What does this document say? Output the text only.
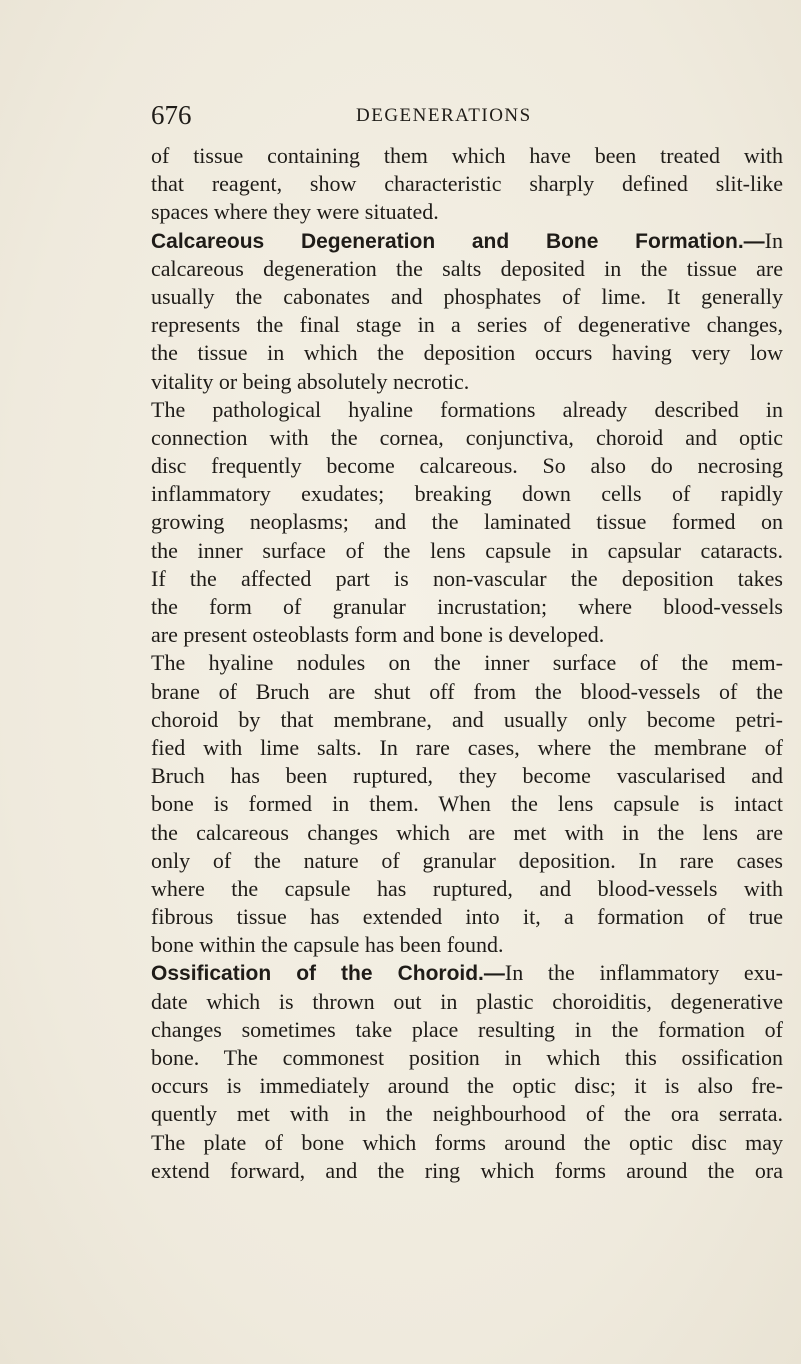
676	DEGENERATIONS
of tissue containing them which have been treated with
that reagent, show characteristic sharply defined slit-like
spaces where they were situated.
Calcareous Degeneration and Bone Formation.—In
calcareous degeneration the salts deposited in the tissue are
usually the cabonates and phosphates of lime. It generally
represents the final stage in a series of degenerative changes,
the tissue in which the deposition occurs having very low
vitality or being absolutely necrotic.
The pathological hyaline formations already described in
connection with the cornea, conjunctiva, choroid and optic
disc frequently become calcareous. So also do necrosing
inflammatory exudates; breaking down cells of rapidly
growing neoplasms; and the laminated tissue formed on
the inner surface of the lens capsule in capsular cataracts.
If the affected part is non-vascular the deposition takes
the form of granular incrustation; where blood-vessels
are present osteoblasts form and bone is developed.
The hyaline nodules on the inner surface of the mem-
brane of Bruch are shut off from the blood-vessels of the
choroid by that membrane, and usually only become petri-
fied with lime salts. In rare cases, where the membrane of
Bruch has been ruptured, they become vascularised and
bone is formed in them. When the lens capsule is intact
the calcareous changes which are met with in the lens are
only of the nature of granular deposition. In rare cases
where the capsule has ruptured, and blood-vessels with
fibrous tissue has extended into it, a formation of true
bone within the capsule has been found.
Ossification of the Choroid.—In the inflammatory exu-
date which is thrown out in plastic choroiditis, degenerative
changes sometimes take place resulting in the formation of
bone. The commonest position in which this ossification
occurs is immediately around the optic disc; it is also fre-
quently met with in the neighbourhood of the ora serrata.
The plate of bone which forms around the optic disc may
extend forward, and the ring which forms around the ora
